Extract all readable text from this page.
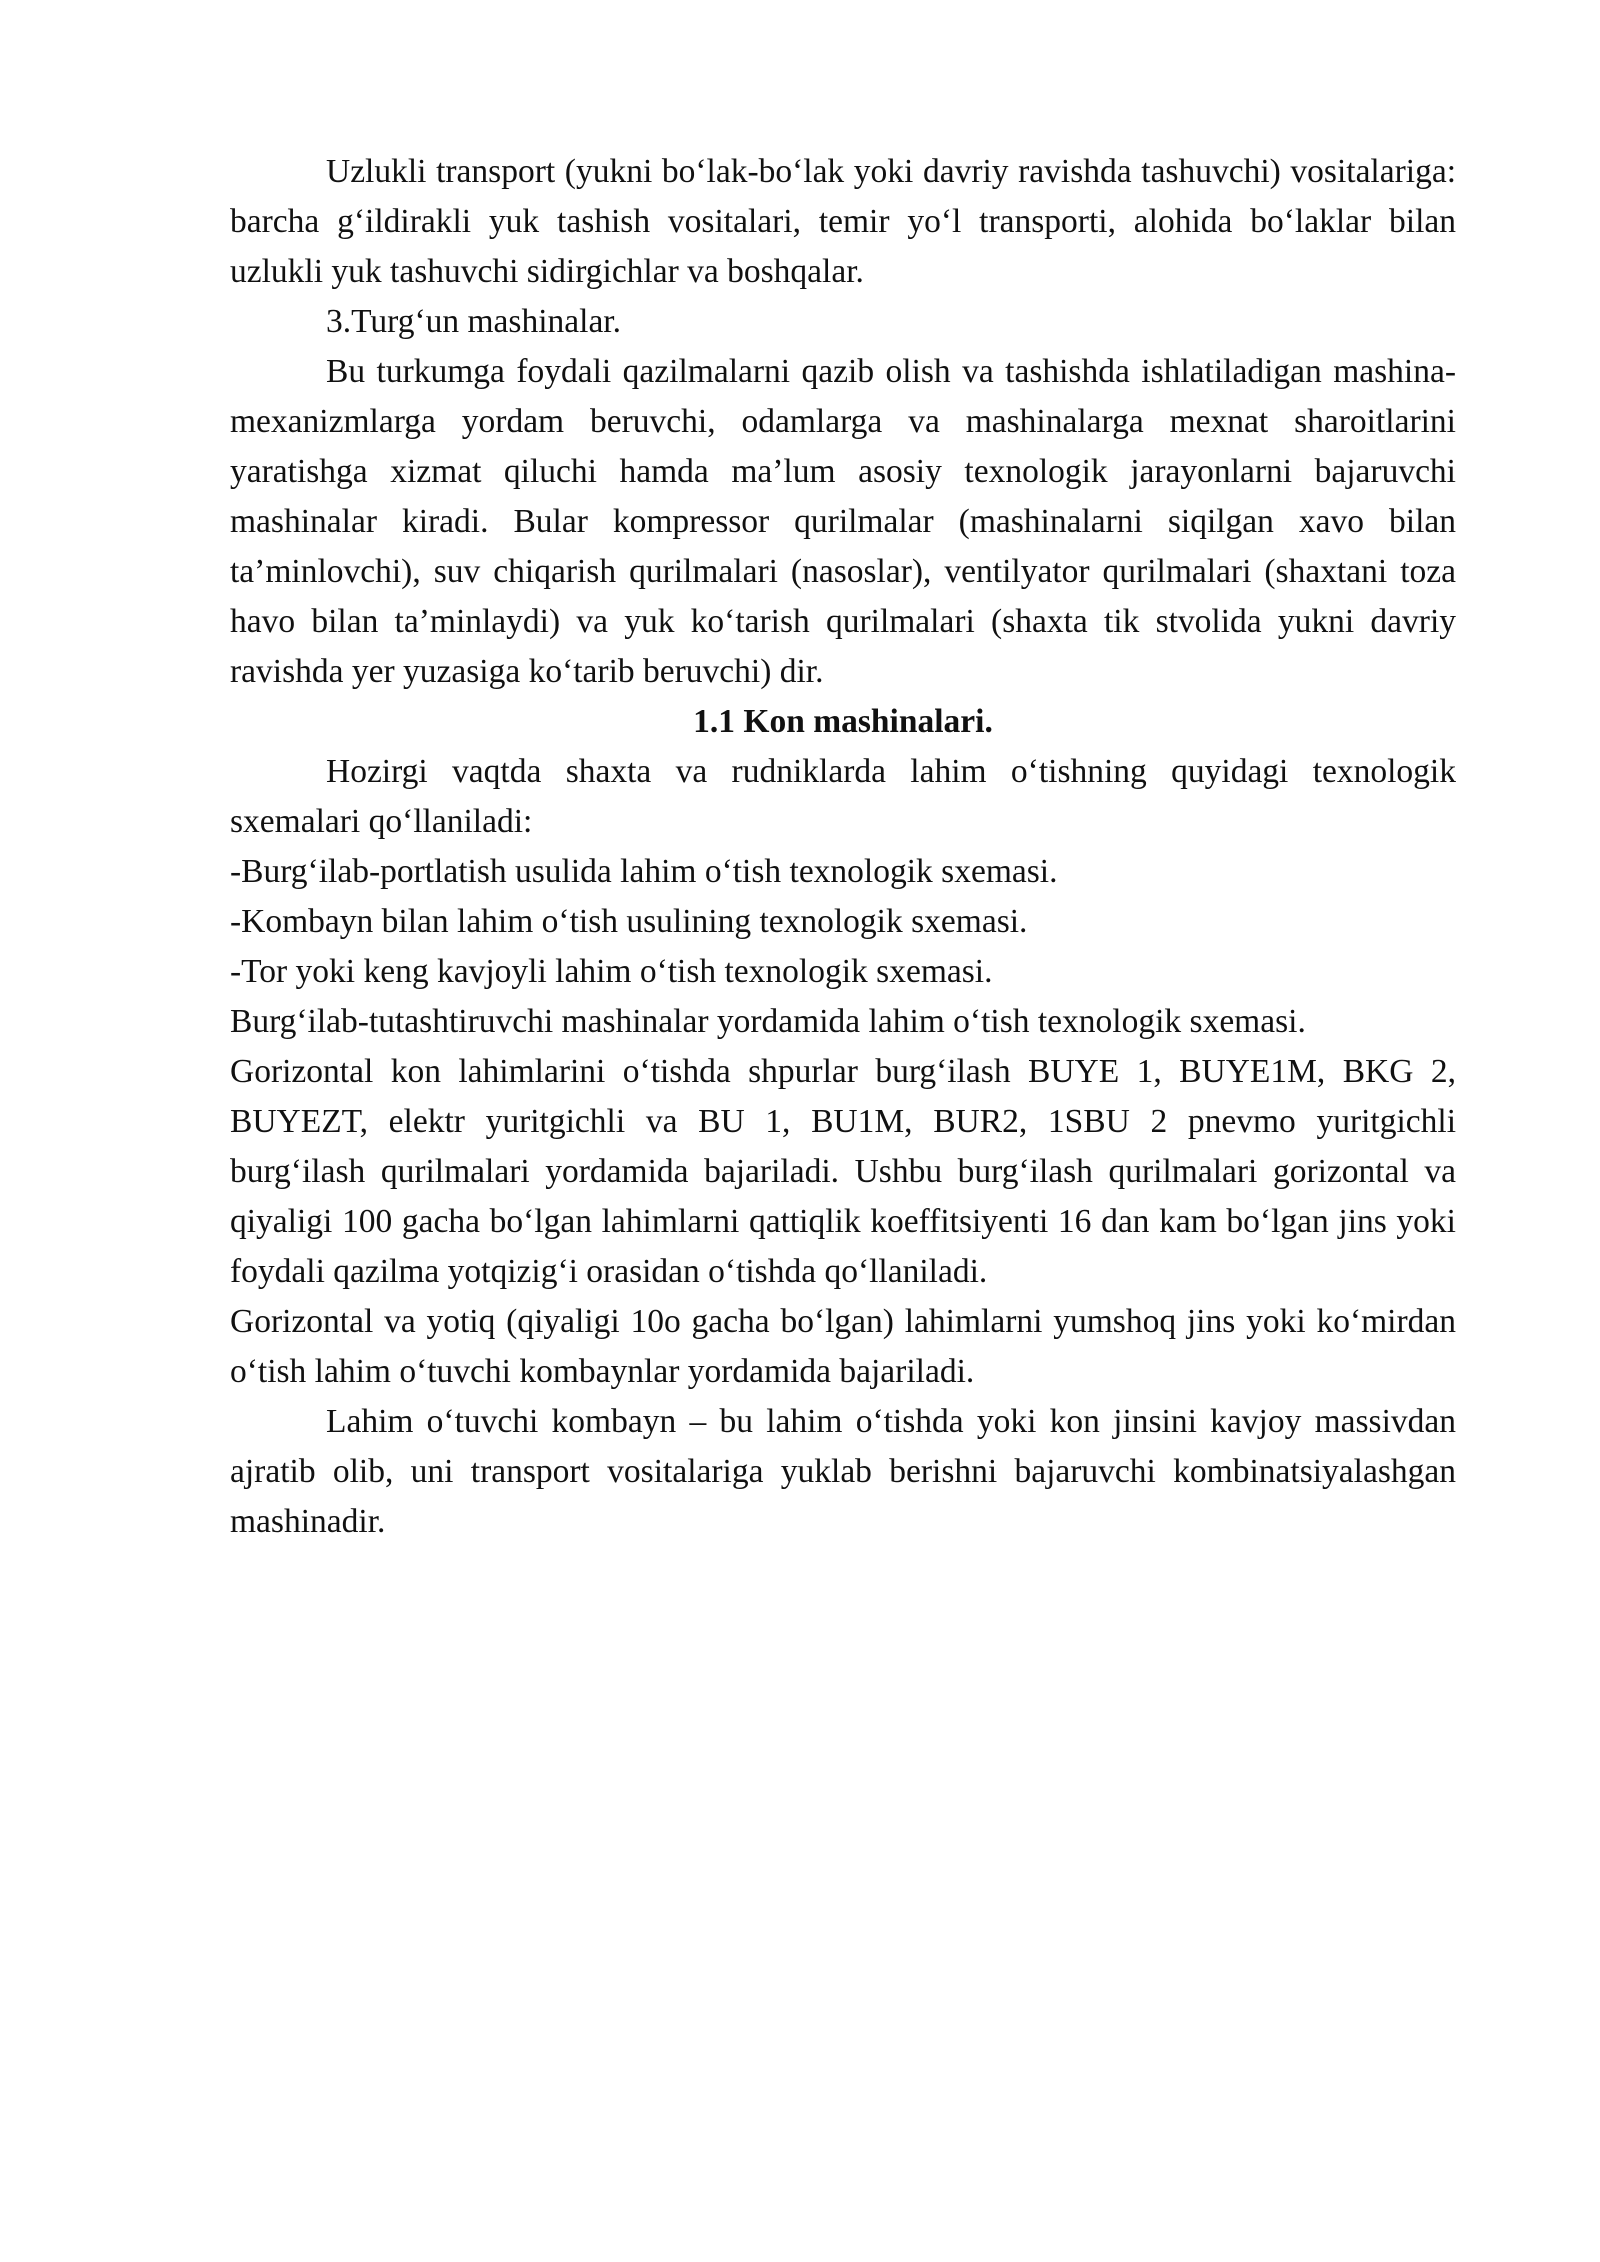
Uzlukli transport (yukni bo‘lak-bo‘lak yoki davriy ravishda tashuvchi) vositalariga: barcha g‘ildirakli yuk tashish vositalari, temir yo‘l transporti, alohida bo‘laklar bilan uzlukli yuk tashuvchi sidirgichlar va boshqalar.

3.Turg‘un mashinalar.

Bu turkumga foydali qazilmalarni qazib olish va tashishda ishlatiladigan mashina-mexanizmlarga yordam beruvchi, odamlarga va mashinalarga mexnat sharoitlarini yaratishga xizmat qiluchi hamda ma’lum asosiy texnologik jarayonlarni bajaruvchi mashinalar kiradi. Bular kompressor qurilmalar (mashinalarni siqilgan xavo bilan ta’minlovchi), suv chiqarish qurilmalari (nasoslar), ventilyator qurilmalari (shaxtani toza havo bilan ta’minlaydi) va yuk ko‘tarish qurilmalari (shaxta tik stvolida yukni davriy ravishda yer yuzasiga ko‘tarib beruvchi) dir.

1.1 Kon mashinalari.

Hozirgi vaqtda shaxta va rudniklarda lahim o‘tishning quyidagi texnologik sxemalari qo‘llaniladi:

-Burg‘ilab-portlatish usulida lahim o‘tish texnologik sxemasi.

-Kombayn bilan lahim o‘tish usulining texnologik sxemasi.

-Tor yoki keng kavjoyli lahim o‘tish texnologik sxemasi.

Burg‘ilab-tutashtiruvchi mashinalar yordamida lahim o‘tish texnologik sxemasi.

Gorizontal kon lahimlarini o‘tishda shpurlar burg‘ilash BUYE 1, BUYE1M, BKG 2, BUYEZT, elektr yuritgichli va BU 1, BU1M, BUR2, 1SBU 2 pnevmo yuritgichli burg‘ilash qurilmalari yordamida bajariladi. Ushbu burg‘ilash qurilmalari gorizontal va qiyaligi 100 gacha bo‘lgan lahimlarni qattiqlik koeffitsiyenti 16 dan kam bo‘lgan jins yoki foydali qazilma yotqizig‘i orasidan o‘tishda qo‘llaniladi.

Gorizontal va yotiq (qiyaligi 10o gacha bo‘lgan) lahimlarni yumshoq jins yoki ko‘mirdan o‘tish lahim o‘tuvchi kombaynlar yordamida bajariladi.

Lahim o‘tuvchi kombayn – bu lahim o‘tishda yoki kon jinsini kavjoy massivdan ajratib olib, uni transport vositalariga yuklab berishni bajaruvchi kombinatsiyalashgan mashinadir.
